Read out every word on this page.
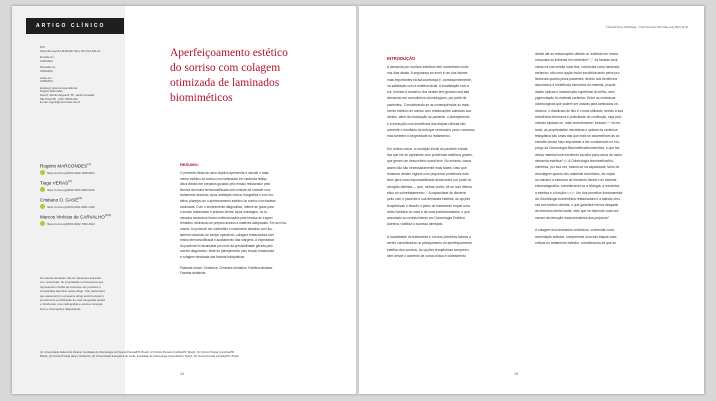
ARTIGO CLÍNICO
DOI:
https://doi.org/10.14436/2447-911x.18.2.014-030.oar
Enviado em:
12/03/2021
Revisado em:
15/04/2021
Aceito em:
10/05/2021
Endereço para correspondência:
Rogério Marcondes
Rua Dr. Alfredo Zapparoli, 58 - Jardim Guedala
São Paulo/SP - CEP: 05616-010
E-mail: rogerio@marcondes.odo.br
Rogério MARCONDES$^{(1)}$
https://orcid.org/0000-0002-1188-6524
Tiago VERAS$^{(2)}$
https://orcid.org/0000-0003-4952-5216
Cristiano O. GASÉ$^{(3)}$
https://orcid.org/0000-0001-6961-1436
Marcos Vinícius de CARVALHO$^{(4,5)}$
https://orcid.org/0000-0002-7093-4913
Os autores declaram não ter interesses associati-
vos, comerciais, de propriedade ou financeiros que
representem conflito de interesse nos produtos e
companhias descritos nesse artigo. O(s) paciente(s)
que aparece(m) no presente artigo autorizou(aram)
previamente a publicação de suas fotografias faciais
e intrabucais, e/ou radiografias e exames tomográ-
ficos e informações diagnósticas.
Aperfeiçoamento estético
do sorriso com colagem
otimizada de laminados
biomiméticos
RESUMO:
O presente relato de caso objetiva apresentar e discutir o trata-
mento estético do sorriso com laminados em cerâmica feldsp-
ática obtidos em preparos guiados pelo ensaio restaurador pela
técnica da resina termomodificada sob controle de unidade com
isolamento absoluto. Após avaliação clínica, fotográfica e com mo-
delos, planejou-se o aprimoramento estético do sorriso com facetas
cerâmicas. Com o enceramento diagnóstico, obteve-se guias para
o ensaio restaurador e preparo dental. Após moldagem, os la-
minados cerâmicos foram confeccionados pela técnica de troquel
refratário, alinhando-se preparo acesso a matrizes adequadas. Em seu ma-
nuseio, foi possível ser submetido o isolamento absoluto com iso-
lamento absoluto do campo operatório, colagem restauradora com
resina termomodificada e acabamento das margens. A expectativa
do paciente foi alcançada por meio da previsibilidade gerada pelo
correto diagnóstico, teste do planejamento pelo ensaio restaurador
e colagem otimizada das facetas feldspáticas.
Palavras-chave: Cerâmica. Cimentos dentários. Estética dentária.
Facetas dentárias.
(1) Universidade Federal do Paraná, Faculdade de Odontologia do Paraná (Paraná/PR, Brasil). (2) Clínica Privada (Curitiba/PR, Brasil). (3) Clínica Privada (Londrina/PR,
Brasil). (4) Clínica Privada (Nova York/EUA). (5) Universidade Evangélica de Goiás, Faculdade de Odontologia (Anápolis/GO, Brasil). (6) Clínica Privada (Curitiba/PR, Brasil).
14
© Dental Press Publishing - J Clin Dent Res 2021 May-Aug;18(2):14-30
INTRODUÇÃO
A demanda por sorrisos estéticos tem aumentado muito
nos dias atuais. A segurança ao sorrir é um dos fatores
mais importantes na autoconfiança e, consequentemente,
na satisfação com a estética facial. A insatisfação com a
cor, formato e tamanho dos dentes tem gerado uma alta
demanda nos consultórios odontológicos, por parte de
pacientes¹. Considerando-se as consequências do trata-
mento estético do sorriso com restaurações adesivas aos
dentes, além da elucidação do paciente, o planejamento
e a execução com excelência das etapas clínicas são
somente o resultado do enfoque necessário para o sucesso,
mas também a longevidade do tratamento².
Em muitos casos, a condição inicial do paciente inviabi-
liza que ele se apresente com problemas estéticos graves,
que geram um desconforto social leve. No entanto, casos
assim não são necessariamente mais fáceis, visto que
restaurar dentes hígidos com pequenos problemas esté-
ticos gera uma responsabilidade ainda maior por parte do
cirurgião-dentista — que, muitas vezes, vê-se num dilema
ético do sobretratamento³,⁴. A capacidade de discernir
junto com o paciente a sua demanda estética, as opções
terapêuticas e discutir o plano de tratamento requer uma
visão holística do caso e de suas particularidades, o que,
associado ao conhecimento em Odontologia Estética
Adesiva, viabiliza o sucesso almejado.
A modalidade de tratamento é um dos primeiros fatores a
serem considerados no planejamento do aperfeiçoamento
estético dos sorrisos. As opções terapêuticas compreen-
dem desde o aumento de coroa clínica e clareamento
dental até as restaurações diretas ou indiretas em resina
composta ou indiretas em cerâmica⁵,⁶,⁷. As facetas cerâ-
micas na sua versão mais fina, conhecida como laminado
cerâmico, são uma opção muito escolhida tanto pelos pro-
fissionais quanto pelos pacientes, devido aos benefícios
associados à resistência intrínseca do material, proprie-
dades ópticas e manutenção superficial do brilho, sem
pigmentação do material cerâmico. Entre as cerâmicas
odontológicas que podem ser usadas para laminados ce-
râmicos, o dissilicato de lítio é o mais utilizado, devido à sua
resistência intrínseca e praticidade de confecção, seja pelo
método injetado ou, mais recentemente, fresado⁸,⁹. No en-
tanto, as propriedades mecânicas e ópticas da cerâmica
feldspática são umas das que mais se assemelham às do
esmalte dental, fator importante a ser considerado no em-
prego da Odontologia Biomimética/biomimética, e que faz
dessa material uma excelente escolha para casos de maior
demanda estética¹⁰,¹¹. A Odontologia biomimética/bio-
mimética, por sua vez, baseia-se na capacidade, tanto de
abordagem quanto dos materiais escolhidos, de copiar
ao máximo a estrutura do elemento dental e do sistema
estomatognático, considerando-se a biologia, a mecânica,
a estética e a função¹²,¹³,¹⁴. Um dos preceitos fundamentais
da Odontologia biomimética restauradora é a adesão clíni-
cas aos tecidos dentais, o que garantirá menos desgaste
da estrutura dental sadia, visto que se depende cada vez
menos da retenção macromecânica dos preparos⁵.
A colagem dos laminados cerâmicos, conhecida como
cimentação adesiva, compreende uma das etapas mais
críticas do tratamento estético, considerando-se que as
15
